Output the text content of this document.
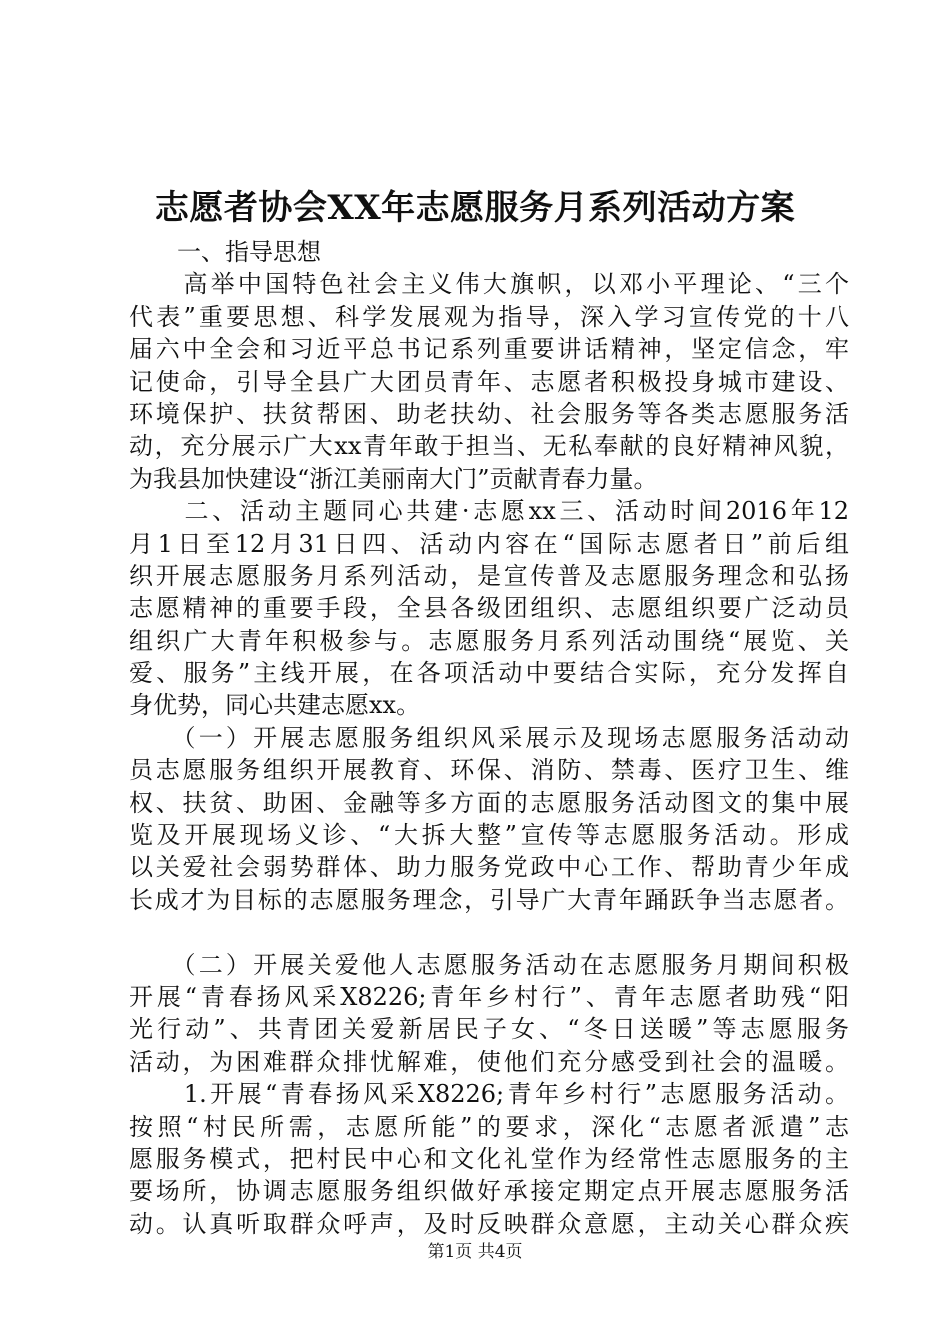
志愿者协会XX年志愿服务月系列活动方案
　　一、指导思想
　　高举中国特色社会主义伟大旗帜，以邓小平理论、“三个
代表”重要思想、科学发展观为指导，深入学习宣传党的十八
届六中全会和习近平总书记系列重要讲话精神，坚定信念，牢
记使命，引导全县广大团员青年、志愿者积极投身城市建设、
环境保护、扶贫帮困、助老扶幼、社会服务等各类志愿服务活
动，充分展示广大xx青年敢于担当、无私奉献的良好精神风貌，
为我县加快建设“浙江美丽南大门”贡献青春力量。
　　二、活动主题同心共建·志愿xx三、活动时间2016年12
月1日至12月31日四、活动内容在“国际志愿者日”前后组
织开展志愿服务月系列活动，是宣传普及志愿服务理念和弘扬
志愿精神的重要手段，全县各级团组织、志愿组织要广泛动员
组织广大青年积极参与。志愿服务月系列活动围绕“展览、关
爱、服务”主线开展，在各项活动中要结合实际，充分发挥自
身优势，同心共建志愿xx。
　　（一）开展志愿服务组织风采展示及现场志愿服务活动动
员志愿服务组织开展教育、环保、消防、禁毒、医疗卫生、维
权、扶贫、助困、金融等多方面的志愿服务活动图文的集中展
览及开展现场义诊、“大拆大整”宣传等志愿服务活动。形成
以关爱社会弱势群体、助力服务党政中心工作、帮助青少年成
长成才为目标的志愿服务理念，引导广大青年踊跃争当志愿者。
　　（二）开展关爱他人志愿服务活动在志愿服务月期间积极
开展“青春扬风采X8226;青年乡村行”、青年志愿者助残“阳
光行动”、共青团关爱新居民子女、“冬日送暖”等志愿服务
活动，为困难群众排忧解难，使他们充分感受到社会的温暖。
　　1.开展“青春扬风采X8226;青年乡村行”志愿服务活动。
按照“村民所需，志愿所能”的要求，深化“志愿者派遣”志
愿服务模式，把村民中心和文化礼堂作为经常性志愿服务的主
要场所，协调志愿服务组织做好承接定期定点开展志愿服务活
动。认真听取群众呼声，及时反映群众意愿，主动关心群众疾
第1页 共4页
